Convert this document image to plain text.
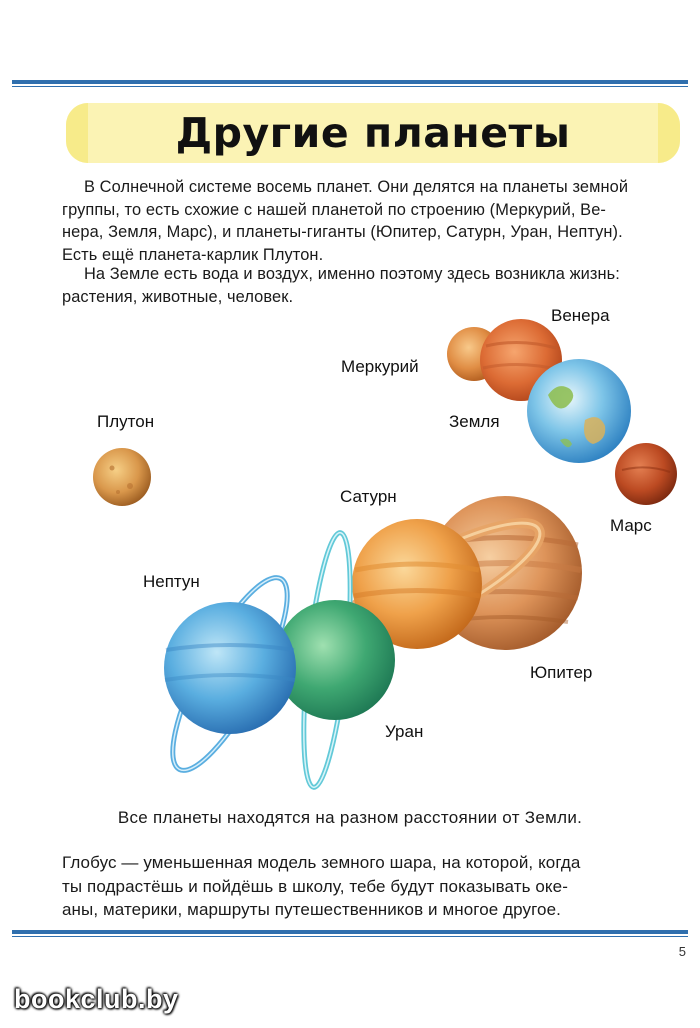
Другие планеты

В Солнечной системе восемь планет. Они делятся на планеты земной
группы, то есть схожие с нашей планетой по строению (Меркурий, Ве-
нера, Земля, Марс), и планеты-гиганты (Юпитер, Сатурн, Уран, Нептун).
Есть ещё планета-карлик Плутон.

На Земле есть вода и воздух, именно поэтому здесь возникла жизнь:
растения, животные, человек.

Венера
Меркурий
Плутон	Земля
Сатурн
Марс
Нептун
Юпитер
Уран

Все планеты находятся на разном расстоянии от Земли.

Глобус — уменьшенная модель земного шара, на которой, когда
ты подрастёшь и пойдёшь в школу, тебе будут показывать оке-
аны, материки, маршруты путешественников и многое другое.

5
bookclub.by
